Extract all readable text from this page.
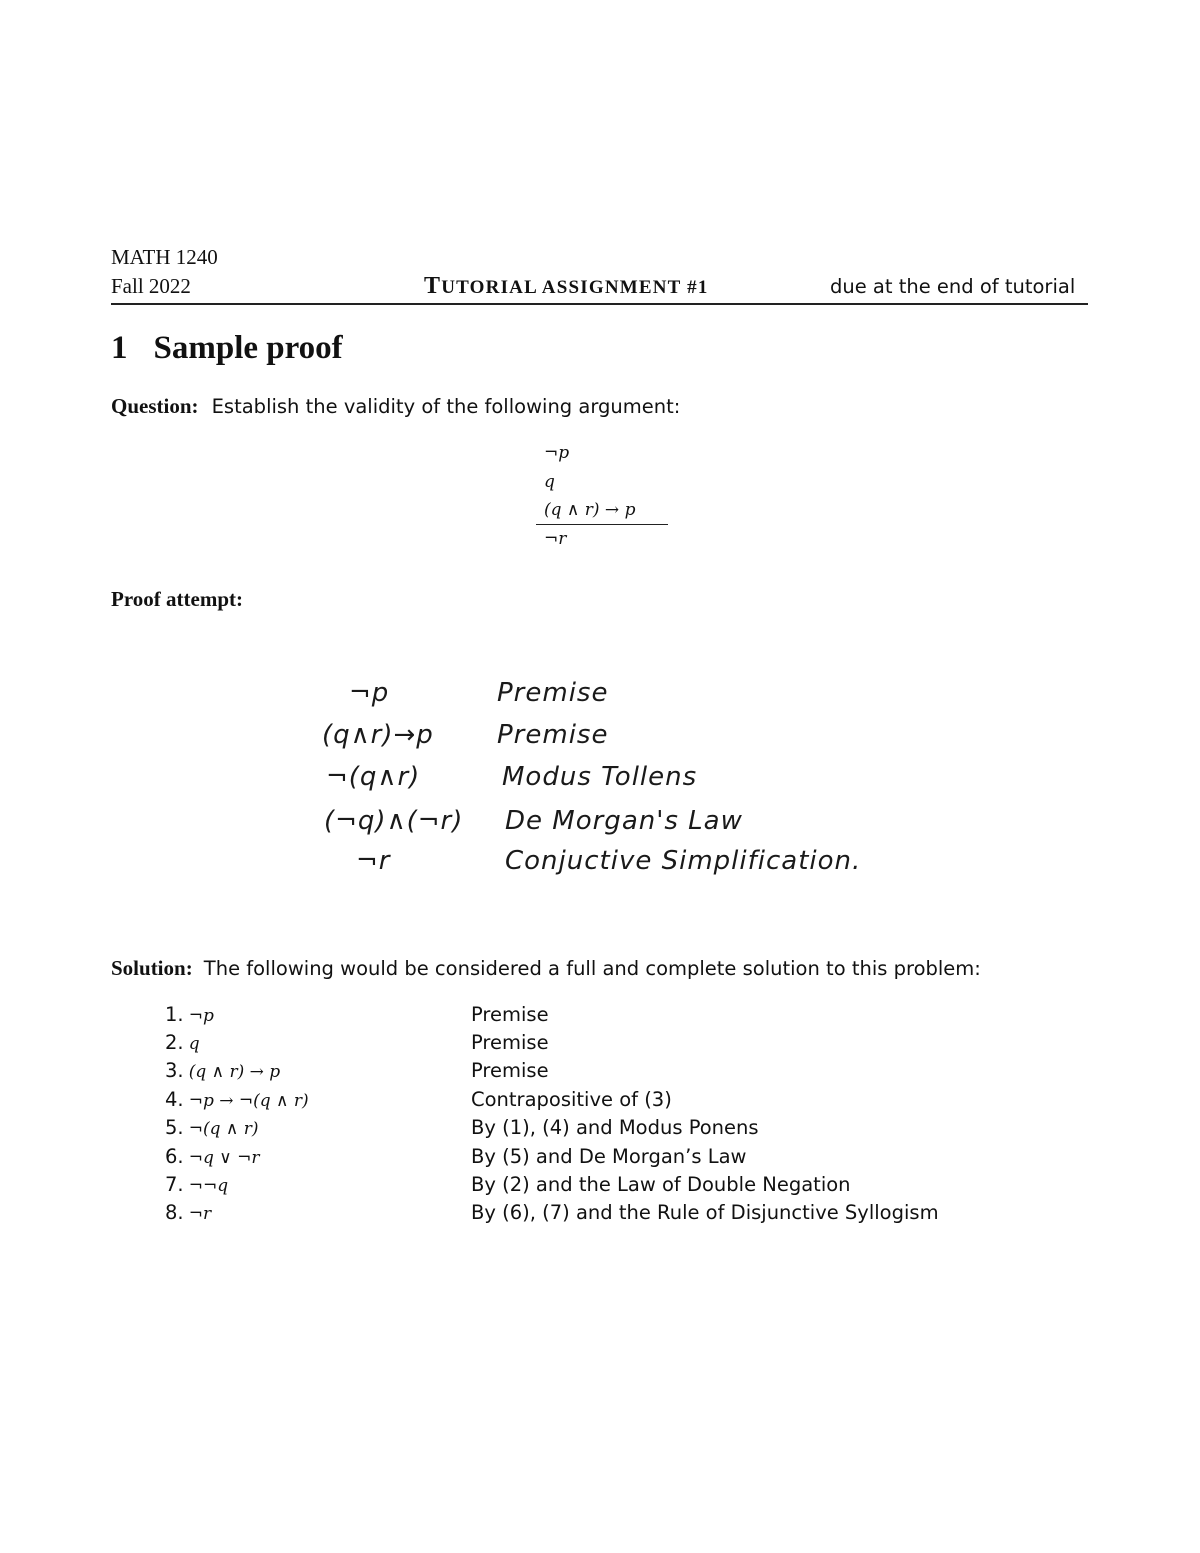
MATH 1240
Fall 2022	TUTORIAL ASSIGNMENT #1	due at the end of tutorial
1 Sample proof
Question: Establish the validity of the following argument:
¬p
q
(q ∧ r) → p
¬r
Proof attempt:
¬p	Premise
(q∧r)→p Premise
¬(q∧r)	Modus Tollens
(¬q)∧(¬r) De Morgan's Law
¬r	Conjuctive Simplification.
Solution: The following would be considered a full and complete solution to this problem:
1. ¬p	Premise
2. q	Premise
3. (q ∧ r) → p	Premise
4. ¬p → ¬(q ∧ r)	Contrapositive of (3)
5. ¬(q ∧ r)	By (1), (4) and Modus Ponens
6. ¬q ∨ ¬r	By (5) and De Morgan’s Law
7. ¬¬q	By (2) and the Law of Double Negation
8. ¬r	By (6), (7) and the Rule of Disjunctive Syllogism
